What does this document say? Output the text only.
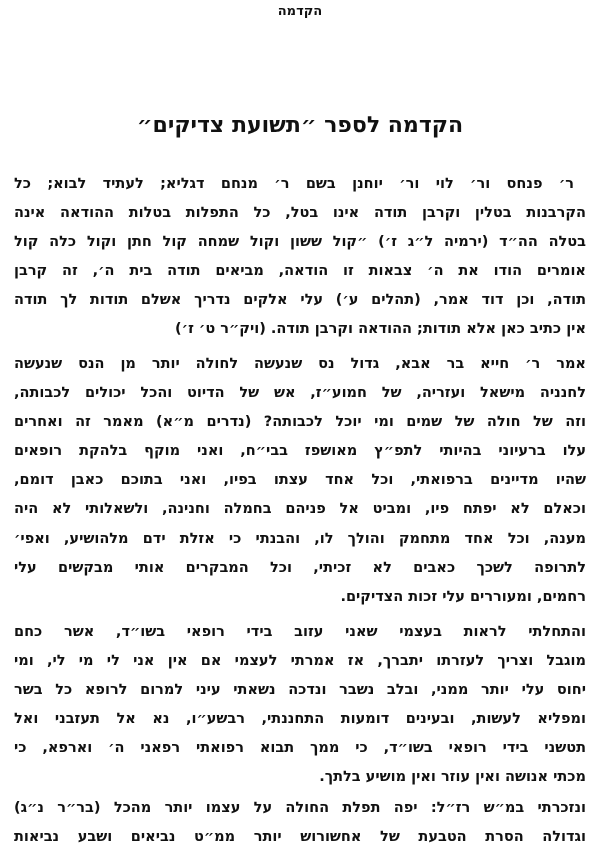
הקדמה
הקדמה לספר ״תשועת צדיקים״
ר׳ פנחס ור׳ לוי ור׳ יוחנן בשם ר׳ מנחם דגליא; לעתיד לבוא; כל
הקרבנות בטלין וקרבן תודה אינו בטל, כל התפלות בטלות ההודאה אינה
בטלה הה״ד (ירמיה ל״ג ז׳) ״קול ששון וקול שמחה קול חתן וקול כלה קול
אומרים הודו את ה׳ צבאות זו הודאה, מביאים תודה בית ה׳, זה קרבן
תודה, וכן דוד אמר, (תהלים ע׳) עלי אלקים נדריך אשלם תודות לך תודה
אין כתיב כאן אלא תודות; ההודאה וקרבן תודה. (ויק״ר ט׳ ז׳)
אמר ר׳ חייא בר אבא, גדול נס שנעשה לחולה יותר מן הנס שנעשה
לחנניה מישאל ועזריה, של חמוע״ז, אש של הדיוט והכל יכולים לכבותה,
וזה של חולה של שמים ומי יוכל לכבותה? (נדרים מ״א) מאמר זה ואחרים
עלו ברעיוני בהיותי לתפ״ץ מאושפז בבי״ח, ואני מוקף בלהקת רופאים
שהיו מדיינים ברפואתי, וכל אחד עצתו בפיו, ואני בתוכם כאבן דומם,
וכאלם לא יפתח פיו, ומביט אל פניהם בחמלה וחנינה, ולשאלותי לא היה
מענה, וכל אחד מתחמק והולך לו, והבנתי כי אזלת ידם מלהושיע, ואפי׳
לתרופה לשכך כאבים לא זכיתי, וכל המבקרים אותי מבקשים עלי
רחמים, ומעוררים עלי זכות הצדיקים.
והתחלתי לראות בעצמי שאני עזוב בידי רופאי בשו״ד, אשר כחם
מוגבל וצריך לעזרתו יתברך, אז אמרתי לעצמי אם אין אני לי מי לי, ומי
יחוס עלי יותר ממני, ובלב נשבר ונדכה נשאתי עיני למרום לרופא כל בשר
ומפליא לעשות, ובעינים דומעות התחננתי, רבשע״ו, נא אל תעזבני ואל
תטשני בידי רופאי בשו״ד, כי ממך תבוא רפואתי רפאני ה׳ וארפא, כי
מכתי אנושה ואין עוזר ואין מושיע בלתך.
ונזכרתי במ״ש רז״ל: יפה תפלת החולה על עצמו יותר מהכל (בר״ר נ״ג)
וגדולה הסרת הטבעת של אחשורוש יותר ממ״ט נביאים ושבע נביאות
